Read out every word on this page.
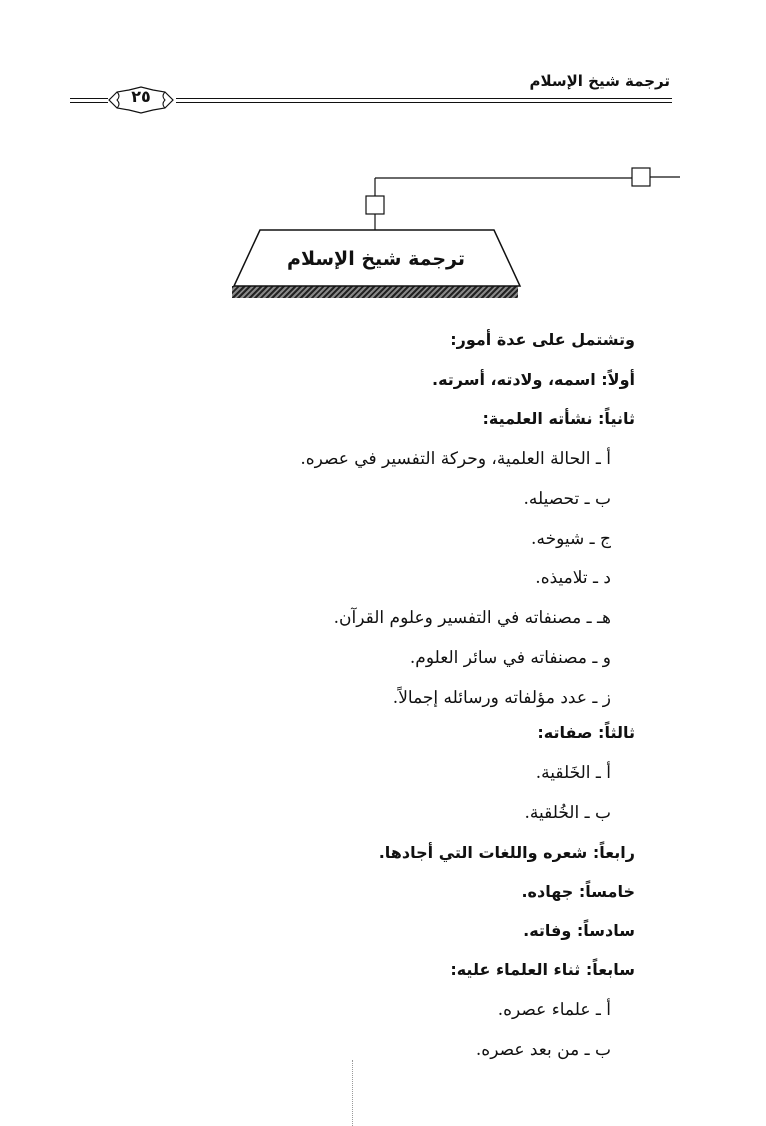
ترجمة شيخ الإسلام
٢٥
ترجمة شيخ الإسلام
وتشتمل على عدة أمور:
أولاً: اسمه، ولادته، أسرته.
ثانياً: نشأته العلمية:
أ ـ الحالة العلمية، وحركة التفسير في عصره.
ب ـ تحصيله.
ج ـ شيوخه.
د ـ تلاميذه.
هـ ـ مصنفاته في التفسير وعلوم القرآن.
و ـ مصنفاته في سائر العلوم.
ز ـ عدد مؤلفاته ورسائله إجمالاً.
ثالثاً: صفاته:
أ ـ الخَلقية.
ب ـ الخُلقية.
رابعاً: شعره واللغات التي أجادها.
خامساً: جهاده.
سادساً: وفاته.
سابعاً: ثناء العلماء عليه:
أ ـ علماء عصره.
ب ـ من بعد عصره.
